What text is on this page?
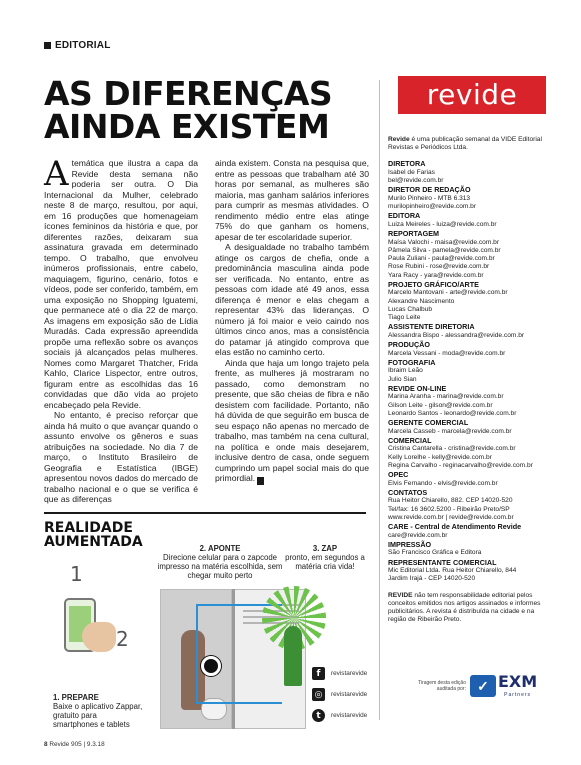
EDITORIAL
AS DIFERENÇAS
AINDA EXISTEM

Atemática que ilustra a capa da Revide desta semana não poderia ser outra. O Dia Internacional da Mulher, celebrado neste 8 de março, resultou, por aqui, em 16 produções que homenageiam ícones femininos da história e que, por diferentes razões, deixaram sua assinatura gravada em determinado tempo. O trabalho, que envolveu inúmeros profissionais, entre cabelo, maquiagem, figurino, cenário, fotos e vídeos, pode ser conferido, também, em uma exposição no Shopping Iguatemi, que permanece até o dia 22 de março. As imagens em exposição são de Lídia Muradás. Cada expressão apreendida propõe uma reflexão sobre os avanços sociais já alcançados pelas mulheres. Nomes como Margaret Thatcher, Frida Kahlo, Clarice Lispector, entre outros, figuram entre as escolhidas das 16 convidadas que dão vida ao projeto encabeçado pela Revide.

No entanto, é preciso reforçar que ainda há muito o que avançar quando o assunto envolve os gêneros e suas atribuições na sociedade. No dia 7 de março, o Instituto Brasileiro de Geografia e Estatística (IBGE) apresentou novos dados do mercado de trabalho nacional e o que se verifica é que as diferenças

ainda existem. Consta na pesquisa que, entre as pessoas que trabalham até 30 horas por semanal, as mulheres são maioria, mas ganham salários inferiores para cumprir as mesmas atividades. O rendimento médio entre elas atinge 75% do que ganham os homens, apesar de ter escolaridade superior.

A desigualdade no trabalho também atinge os cargos de chefia, onde a predominância masculina ainda pode ser verificada. No entanto, entre as pessoas com idade até 49 anos, essa diferença é menor e elas chegam a representar 43% das lideranças. O número já foi maior e veio caindo nos últimos cinco anos, mas a consistência do patamar já atingido comprova que elas estão no caminho certo.

Ainda que haja um longo trajeto pela frente, as mulheres já mostraram no passado, como demonstram no presente, que são cheias de fibra e não desistem com facilidade. Portanto, não há dúvida de que seguirão em busca de seu espaço não apenas no mercado de trabalho, mas também na cena cultural, na política e onde mais desejarem, inclusive dentro de casa, onde seguem cumprindo um papel social mais do que primordial. r

revide
Revide é uma publicação semanal da VIDE Editorial Revistas e Periódicos Ltda.
DIRETORA
Isabel de Farias
bel@revide.com.br
DIRETOR DE REDAÇÃO
Murilo Pinheiro - MTB 6.313
murilopinheiro@revide.com.br
EDITORA
Luiza Meireles - luiza@revide.com.br
REPORTAGEM
Maísa Valochi - maisa@revide.com.br
Pâmela Silva - pamela@revide.com.br
Paula Zuliani - paula@revide.com.br
Rose Rubini - rose@revide.com.br
Yara Racy - yara@revide.com.br
PROJETO GRÁFICO/ARTE
Marcelo Mantovani - arte@revide.com.br
Alexandre Nascimento
Lucas Chalbub
Tiago Leite
ASSISTENTE DIRETORIA
Alessandra Bispo - alessandra@revide.com.br
PRODUÇÃO
Marcela Vessani - moda@revide.com.br
FOTOGRAFIA
Ibraim Leão
Julio Sian
REVIDE ON-LINE
Marina Aranha - marina@revide.com.br
Gilson Leite - gilson@revide.com.br
Leonardo Santos - leonardo@revide.com.br
GERENTE COMERCIAL
Marcela Casseb - marcela@revide.com.br
COMERCIAL
Cristina Cantarella - cristina@revide.com.br
Kelly Lorelhe - kelly@revide.com.br
Regina Carvalho - reginacarvalho@revide.com.br
OPEC
Elvis Fernando - elvis@revide.com.br
CONTATOS
Rua Heitor Chiarello, 882. CEP 14020-520
Tel/fax: 16 3602.5200 - Ribeirão Preto/SP
www.revide.com.br | revide@revide.com.br
CARE - Central de Atendimento Revide
care@revide.com.br
IMPRESSÃO
São Francisco Gráfica e Editora
REPRESENTANTE COMERCIAL
Mic Editorial Ltda. Rua Heitor Chiarello, 844
Jardim Irajá - CEP 14020-520
REVIDE não tem responsabilidade editorial pelos conceitos emitidos nos artigos assinados e informes publicitários. A revista é distribuída na cidade e na região de Ribeirão Preto.
Tiragem desta edição auditada por: ✓ EXM
Partners
REALIDADE
AUMENTADA	2. APONTE
Direcione celular para o zapcode impresso na matéria escolhida, sem chegar muito perto
3. ZAP
pronto, em segundos a matéria cria vida!
1. PREPARE
Baixe o aplicativo Zappar, gratuito para smartphones e tablets
1
2
f	revistarevide
◎	revistarevide
t	revistarevide
8 Revide 905 | 9.3.18
